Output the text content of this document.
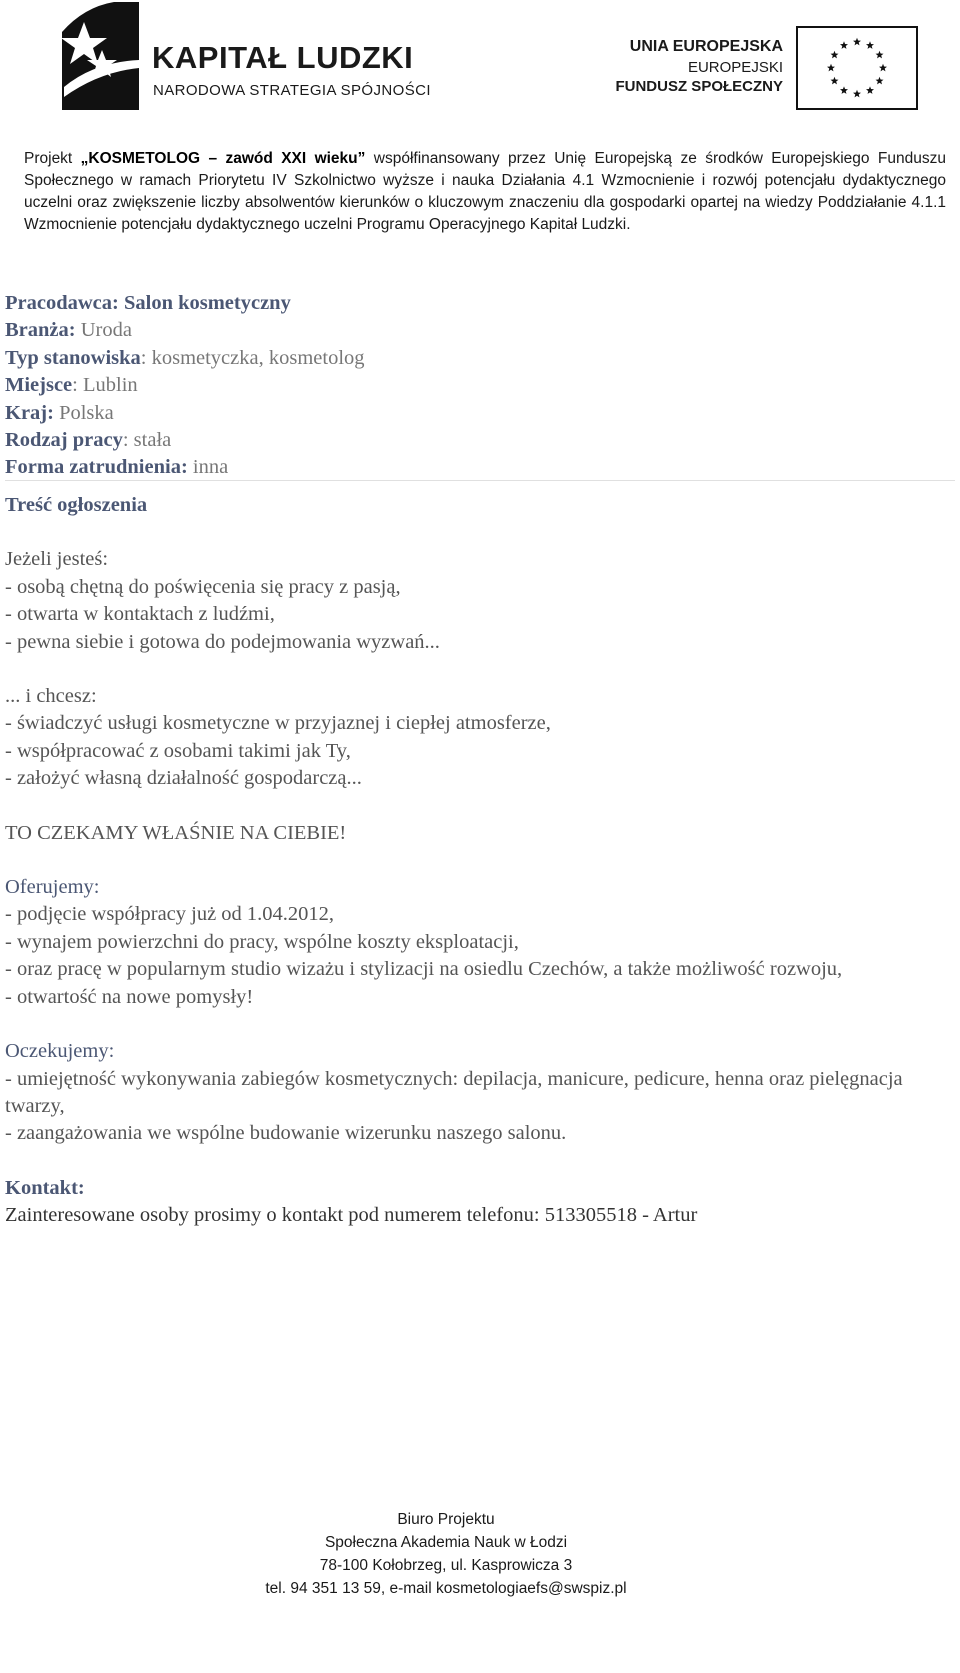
KAPITAŁ LUDZKI
NARODOWA STRATEGIA SPÓJNOŚCI
UNIA EUROPEJSKA
EUROPEJSKI
FUNDUSZ SPOŁECZNY
Projekt „KOSMETOLOG – zawód XXI wieku” współfinansowany przez Unię Europejską ze środków Europejskiego Funduszu Społecznego w ramach Priorytetu IV Szkolnictwo wyższe i nauka Działania 4.1 Wzmocnienie i rozwój potencjału dydaktycznego uczelni oraz zwiększenie liczby absolwentów kierunków o kluczowym znaczeniu dla gospodarki opartej na wiedzy Poddziałanie 4.1.1 Wzmocnienie potencjału dydaktycznego uczelni Programu Operacyjnego Kapitał Ludzki.
Pracodawca: Salon kosmetyczny
Branża: Uroda
Typ stanowiska: kosmetyczka, kosmetolog
Miejsce: Lublin
Kraj: Polska
Rodzaj pracy: stała
Forma zatrudnienia: inna
Treść ogłoszenia
Jeżeli jesteś:
- osobą chętną do poświęcenia się pracy z pasją,
- otwarta w kontaktach z ludźmi,
- pewna siebie i gotowa do podejmowania wyzwań...
... i chcesz:
- świadczyć usługi kosmetyczne w przyjaznej i ciepłej atmosferze,
- współpracować z osobami takimi jak Ty,
- założyć własną działalność gospodarczą...
TO CZEKAMY WŁAŚNIE NA CIEBIE!
Oferujemy:
- podjęcie współpracy już od 1.04.2012,
- wynajem powierzchni do pracy, wspólne koszty eksploatacji,
- oraz pracę w popularnym studio wizażu i stylizacji na osiedlu Czechów, a także możliwość rozwoju,
- otwartość na nowe pomysły!
Oczekujemy:
- umiejętność wykonywania zabiegów kosmetycznych: depilacja, manicure, pedicure, henna oraz pielęgnacja twarzy,
- zaangażowania we wspólne budowanie wizerunku naszego salonu.
Kontakt:
Zainteresowane osoby prosimy o kontakt pod numerem telefonu: 513305518 - Artur
Biuro Projektu
Społeczna Akademia Nauk w Łodzi
78-100 Kołobrzeg, ul. Kasprowicza 3
tel. 94 351 13 59, e-mail kosmetologiaefs@swspiz.pl
